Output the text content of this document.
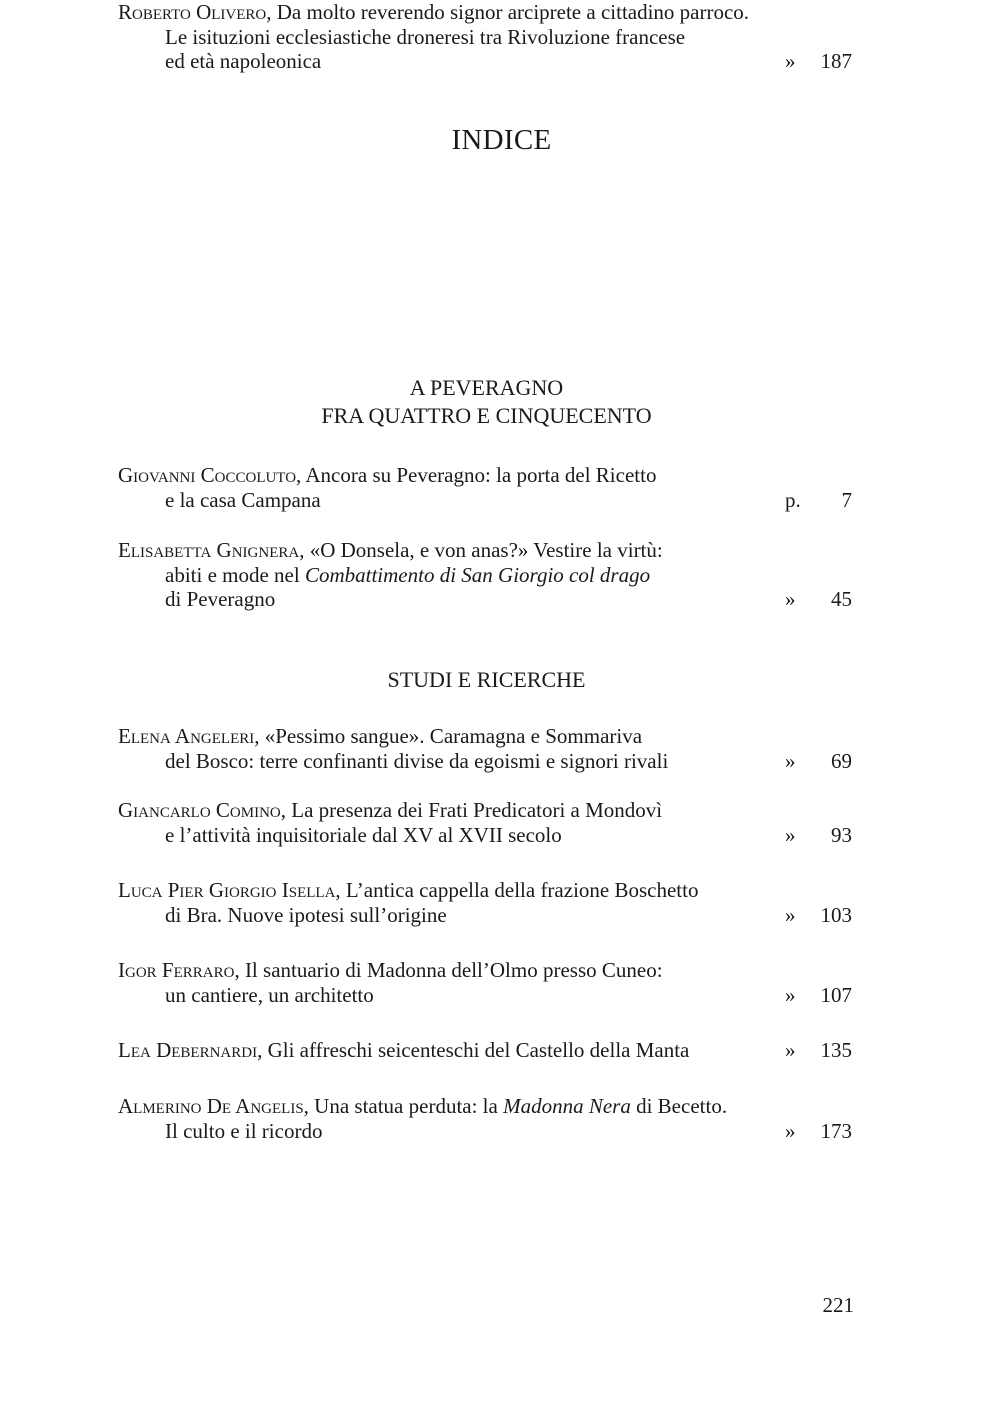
INDICE
A PEVERAGNO
FRA QUATTRO E CINQUECENTO
Giovanni Coccoluto, Ancora su Peveragno: la porta del Ricetto
e la casa Campana	p.	7
Elisabetta Gnignera, «O Donsela, e von anas?» Vestire la virtù:
abiti e mode nel Combattimento di San Giorgio col drago
di Peveragno	»	45
STUDI E RICERCHE
Elena Angeleri, «Pessimo sangue». Caramagna e Sommariva
del Bosco: terre confinanti divise da egoismi e signori rivali	»	69
Giancarlo Comino, La presenza dei Frati Predicatori a Mondovì
e l’attività inquisitoriale dal XV al XVII secolo	»	93
Luca Pier Giorgio Isella, L’antica cappella della frazione Boschetto
di Bra. Nuove ipotesi sull’origine	»	103
Igor Ferraro, Il santuario di Madonna dell’Olmo presso Cuneo:
un cantiere, un architetto	»	107
Lea Debernardi, Gli affreschi seicenteschi del Castello della Manta	»	135
Almerino De Angelis, Una statua perduta: la Madonna Nera di Becetto.
Il culto e il ricordo	»	173
Roberto Olivero, Da molto reverendo signor arciprete a cittadino parroco.
Le isituzioni ecclesiastiche droneresi tra Rivoluzione francese
ed età napoleonica	»	187
221
